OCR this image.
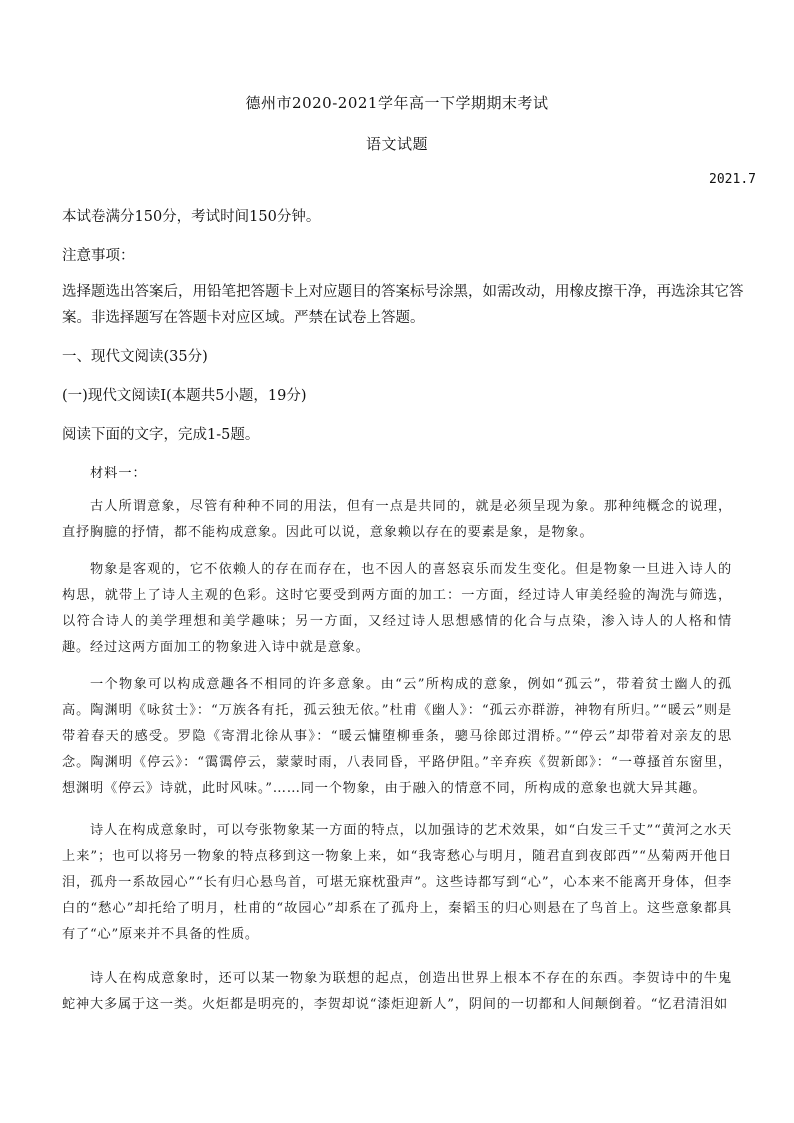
德州市2020-2021学年高一下学期期末考试
语文试题
2021.7
本试卷满分150分，考试时间150分钟。
注意事项：
选择题选出答案后，用铅笔把答题卡上对应题目的答案标号涂黑，如需改动，用橡皮擦干净，再选涂其它答案。非选择题写在答题卡对应区域。严禁在试卷上答题。
一、现代文阅读(35分)
(一)现代文阅读Ⅰ(本题共5小题，19分)
阅读下面的文字，完成1-5题。
材料一：
古人所谓意象，尽管有种种不同的用法，但有一点是共同的，就是必须呈现为象。那种纯概念的说理，直抒胸臆的抒情，都不能构成意象。因此可以说，意象赖以存在的要素是象，是物象。
物象是客观的，它不依赖人的存在而存在，也不因人的喜怒哀乐而发生变化。但是物象一旦进入诗人的构思，就带上了诗人主观的色彩。这时它要受到两方面的加工：一方面，经过诗人审美经验的淘洗与筛选，以符合诗人的美学理想和美学趣味；另一方面，又经过诗人思想感情的化合与点染，渗入诗人的人格和情趣。经过这两方面加工的物象进入诗中就是意象。
一个物象可以构成意趣各不相同的许多意象。由“云”所构成的意象，例如“孤云”，带着贫士幽人的孤高。陶渊明《咏贫士》：“万族各有托，孤云独无依。”杜甫《幽人》：“孤云亦群游，神物有所归。”“暖云”则是带着春天的感受。罗隐《寄渭北徐从事》：“暖云慵堕柳垂条，骢马徐郎过渭桥。”“停云”却带着对亲友的思念。陶渊明《停云》：“霭霭停云，蒙蒙时雨，八表同昏，平路伊阻。”辛弃疾《贺新郎》：“一尊搔首东窗里，想渊明《停云》诗就，此时风味。”……同一个物象，由于融入的情意不同，所构成的意象也就大异其趣。
诗人在构成意象时，可以夸张物象某一方面的特点，以加强诗的艺术效果，如“白发三千丈”“黄河之水天上来”；也可以将另一物象的特点移到这一物象上来，如“我寄愁心与明月，随君直到夜郎西”“丛菊两开他日泪，孤舟一系故园心”“长有归心悬鸟首，可堪无寐枕蛩声”。这些诗都写到“心”，心本来不能离开身体，但李白的“愁心”却托给了明月，杜甫的“故园心”却系在了孤舟上，秦韬玉的归心则悬在了鸟首上。这些意象都具有了“心”原来并不具备的性质。
诗人在构成意象时，还可以某一物象为联想的起点，创造出世界上根本不存在的东西。李贺诗中的牛鬼蛇神大多属于这一类。火炬都是明亮的，李贺却说“漆炬迎新人”，阴间的一切都和人间颠倒着。“忆君清泪如
